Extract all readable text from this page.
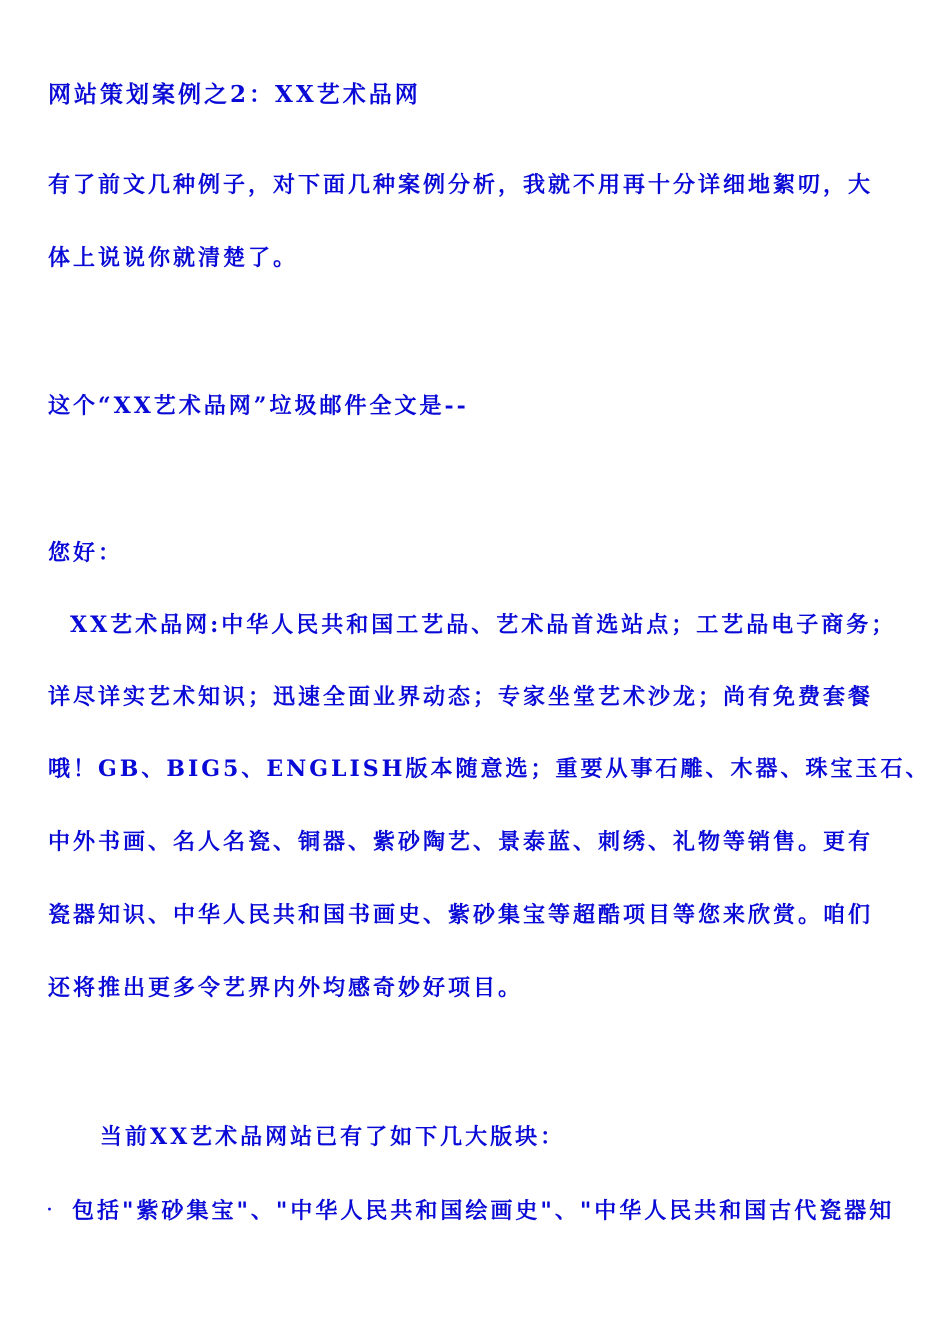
网站策划案例之2：XX艺术品网
有了前文几种例子，对下面几种案例分析，我就不用再十分详细地絮叨，大
体上说说你就清楚了。
这个“XX艺术品网”垃圾邮件全文是--
您好：
XX艺术品网:中华人民共和国工艺品、艺术品首选站点；工艺品电子商务；
详尽详实艺术知识；迅速全面业界动态；专家坐堂艺术沙龙；尚有免费套餐
哦！GB、BIG5、ENGLISH版本随意选；重要从事石雕、木器、珠宝玉石、
中外书画、名人名瓷、铜器、紫砂陶艺、景泰蓝、刺绣、礼物等销售。更有
瓷器知识、中华人民共和国书画史、紫砂集宝等超酷项目等您来欣赏。咱们
还将推出更多令艺界内外均感奇妙好项目。
当前XX艺术品网站已有了如下几大版块：
· 包括"紫砂集宝"、"中华人民共和国绘画史"、"中华人民共和国古代瓷器知
